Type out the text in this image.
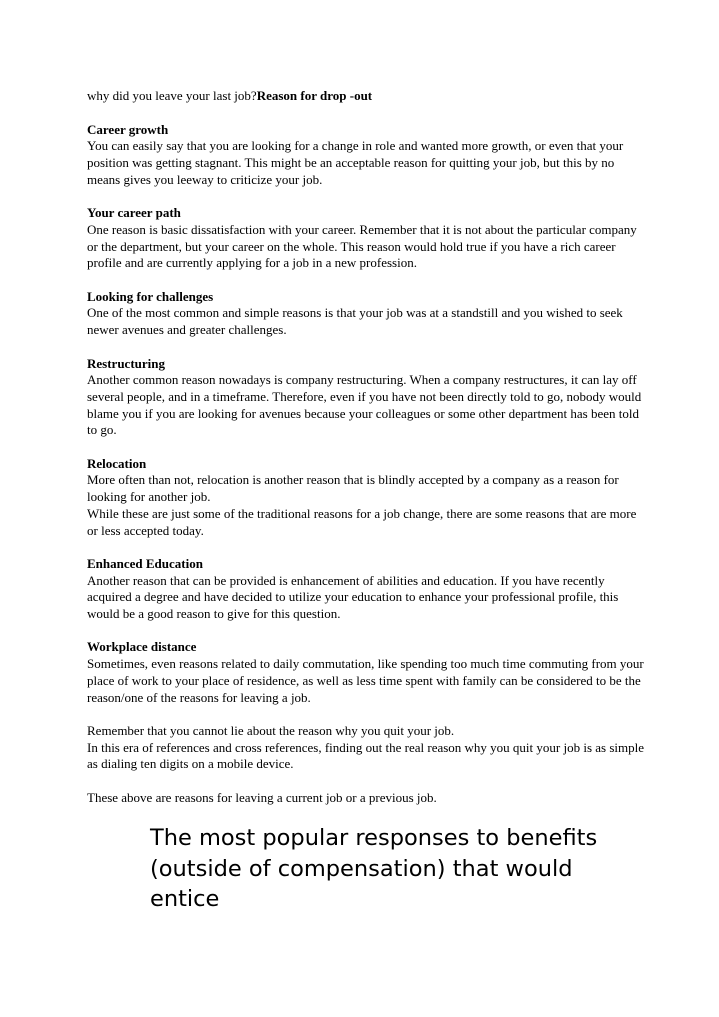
why did you leave your last job?Reason for drop -out

Career growth
You can easily say that you are looking for a change in role and wanted more growth, or even that your position was getting stagnant. This might be an acceptable reason for quitting your job, but this by no means gives you leeway to criticize your job.
Your career path
One reason is basic dissatisfaction with your career. Remember that it is not about the particular company or the department, but your career on the whole. This reason would hold true if you have a rich career profile and are currently applying for a job in a new profession.
Looking for challenges
One of the most common and simple reasons is that your job was at a standstill and you wished to seek newer avenues and greater challenges.
Restructuring
Another common reason nowadays is company restructuring. When a company restructures, it can lay off several people, and in a timeframe. Therefore, even if you have not been directly told to go, nobody would blame you if you are looking for avenues because your colleagues or some other department has been told to go.
Relocation
More often than not, relocation is another reason that is blindly accepted by a company as a reason for looking for another job.
While these are just some of the traditional reasons for a job change, there are some reasons that are more or less accepted today.
Enhanced Education
Another reason that can be provided is enhancement of abilities and education. If you have recently acquired a degree and have decided to utilize your education to enhance your professional profile, this would be a good reason to give for this question.
Workplace distance
Sometimes, even reasons related to daily commutation, like spending too much time commuting from your place of work to your place of residence, as well as less time spent with family can be considered to be the reason/one of the reasons for leaving a job.
Remember that you cannot lie about the reason why you quit your job.
In this era of references and cross references, finding out the real reason why you quit your job is as simple as dialing ten digits on a mobile device.

These above are reasons for leaving a current job or a previous job.

The most popular responses to benefits (outside of compensation) that would entice
